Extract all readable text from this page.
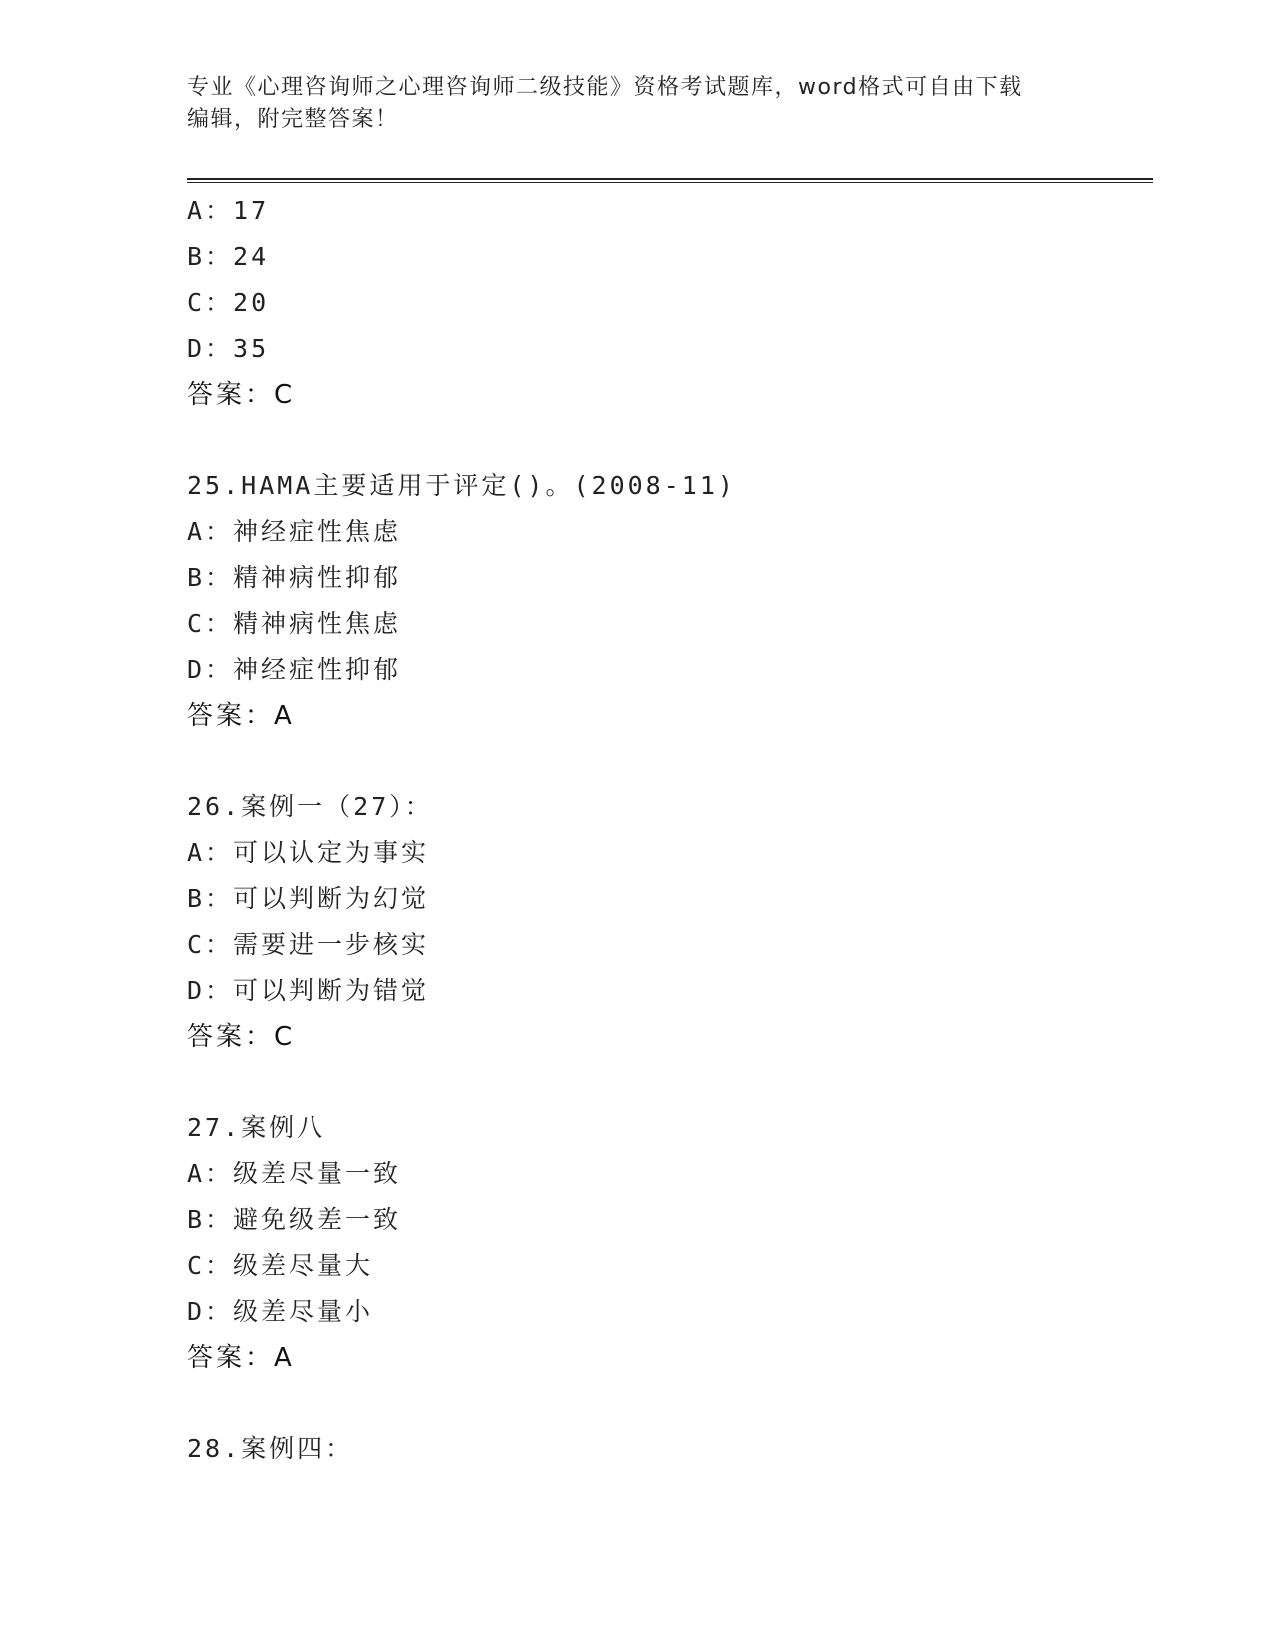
专业《心理咨询师之心理咨询师二级技能》资格考试题库，word格式可自由下载
编辑，附完整答案！
A：17
B：24
C：20
D：35
答案：C
25.HAMA主要适用于评定()。(2008-11)
A：神经症性焦虑
B：精神病性抑郁
C：精神病性焦虑
D：神经症性抑郁
答案：A
26.案例一（27）：
A：可以认定为事实
B：可以判断为幻觉
C：需要进一步核实
D：可以判断为错觉
答案：C
27.案例八
A：级差尽量一致
B：避免级差一致
C：级差尽量大
D：级差尽量小
答案：A
28.案例四：
